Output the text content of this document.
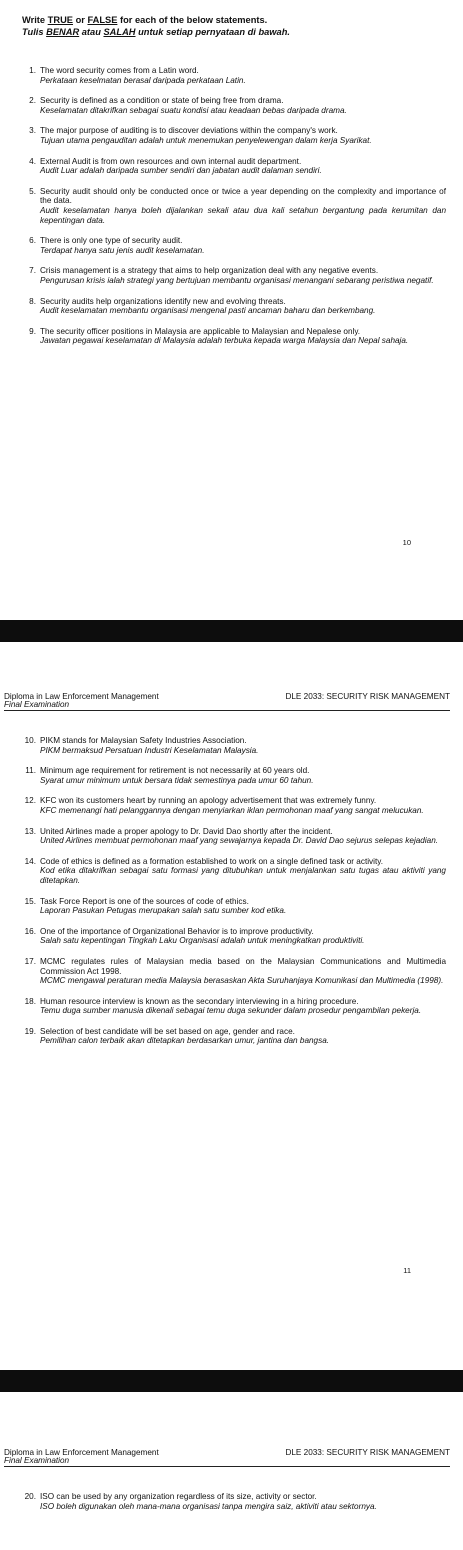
Write TRUE or FALSE for each of the below statements.
Tulis BENAR atau SALAH untuk setiap pernyataan di bawah.
1. The word security comes from a Latin word.
Perkataan keselmatan berasal daripada perkataan Latin.
2. Security is defined as a condition or state of being free from drama.
Keselamatan ditakrifkan sebagai suatu kondisi atau keadaan bebas daripada drama.
3. The major purpose of auditing is to discover deviations within the company's work.
Tujuan utama pengauditan adalah untuk menemukan penyelewengan dalam kerja Syarikat.
4. External Audit is from own resources and own internal audit department.
Audit Luar adalah daripada sumber sendiri dan jabatan audit dalaman sendiri.
5. Security audit should only be conducted once or twice a year depending on the complexity and importance of the data.
Audit keselamatan hanya boleh dijalankan sekali atau dua kali setahun bergantung pada kerumitan dan kepentingan data.
6. There is only one type of security audit.
Terdapat hanya satu jenis audit keselamatan.
7. Crisis management is a strategy that aims to help organization deal with any negative events.
Pengurusan krisis ialah strategi yang bertujuan membantu organisasi menangani sebarang peristiwa negatif.
8. Security audits help organizations identify new and evolving threats.
Audit keselamatan membantu organisasi mengenal pasti ancaman baharu dan berkembang.
9. The security officer positions in Malaysia are applicable to Malaysian and Nepalese only.
Jawatan pegawai keselamatan di Malaysia adalah terbuka kepada warga Malaysia dan Nepal sahaja.
10
Diploma in Law Enforcement Management	DLE 2033: SECURITY RISK MANAGEMENT
Final Examination
10. PIKM stands for Malaysian Safety Industries Association.
PIKM bermaksud Persatuan Industri Keselamatan Malaysia.
11. Minimum age requirement for retirement is not necessarily at 60 years old.
Syarat umur minimum untuk bersara tidak semestinya pada umur 60 tahun.
12. KFC won its customers heart by running an apology advertisement that was extremely funny.
KFC memenangi hati pelanggannya dengan menyiarkan iklan permohonan maaf yang sangat melucukan.
13. United Airlines made a proper apology to Dr. David Dao shortly after the incident.
United Airlines membuat permohonan maaf yang sewajarnya kepada Dr. David Dao sejurus selepas kejadian.
14. Code of ethics is defined as a formation established to work on a single defined task or activity.
Kod etika ditakrifkan sebagai satu formasi yang ditubuhkan untuk menjalankan satu tugas atau aktiviti yang ditetapkan.
15. Task Force Report is one of the sources of code of ethics.
Laporan Pasukan Petugas merupakan salah satu sumber kod etika.
16. One of the importance of Organizational Behavior is to improve productivity.
Salah satu kepentingan Tingkah Laku Organisasi adalah untuk meningkatkan produktiviti.
17. MCMC regulates rules of Malaysian media based on the Malaysian Communications and Multimedia Commission Act 1998.
MCMC mengawal peraturan media Malaysia berasaskan Akta Suruhanjaya Komunikasi dan Multimedia (1998).
18. Human resource interview is known as the secondary interviewing in a hiring procedure.
Temu duga sumber manusia dikenali sebagai temu duga sekunder dalam prosedur pengambilan pekerja.
19. Selection of best candidate will be set based on age, gender and race.
Pemilihan calon terbaik akan ditetapkan berdasarkan umur, jantina dan bangsa.
11
Diploma in Law Enforcement Management	DLE 2033: SECURITY RISK MANAGEMENT
Final Examination
20. ISO can be used by any organization regardless of its size, activity or sector.
ISO boleh digunakan oleh mana-mana organisasi tanpa mengira saiz, aktiviti atau sektornya.
